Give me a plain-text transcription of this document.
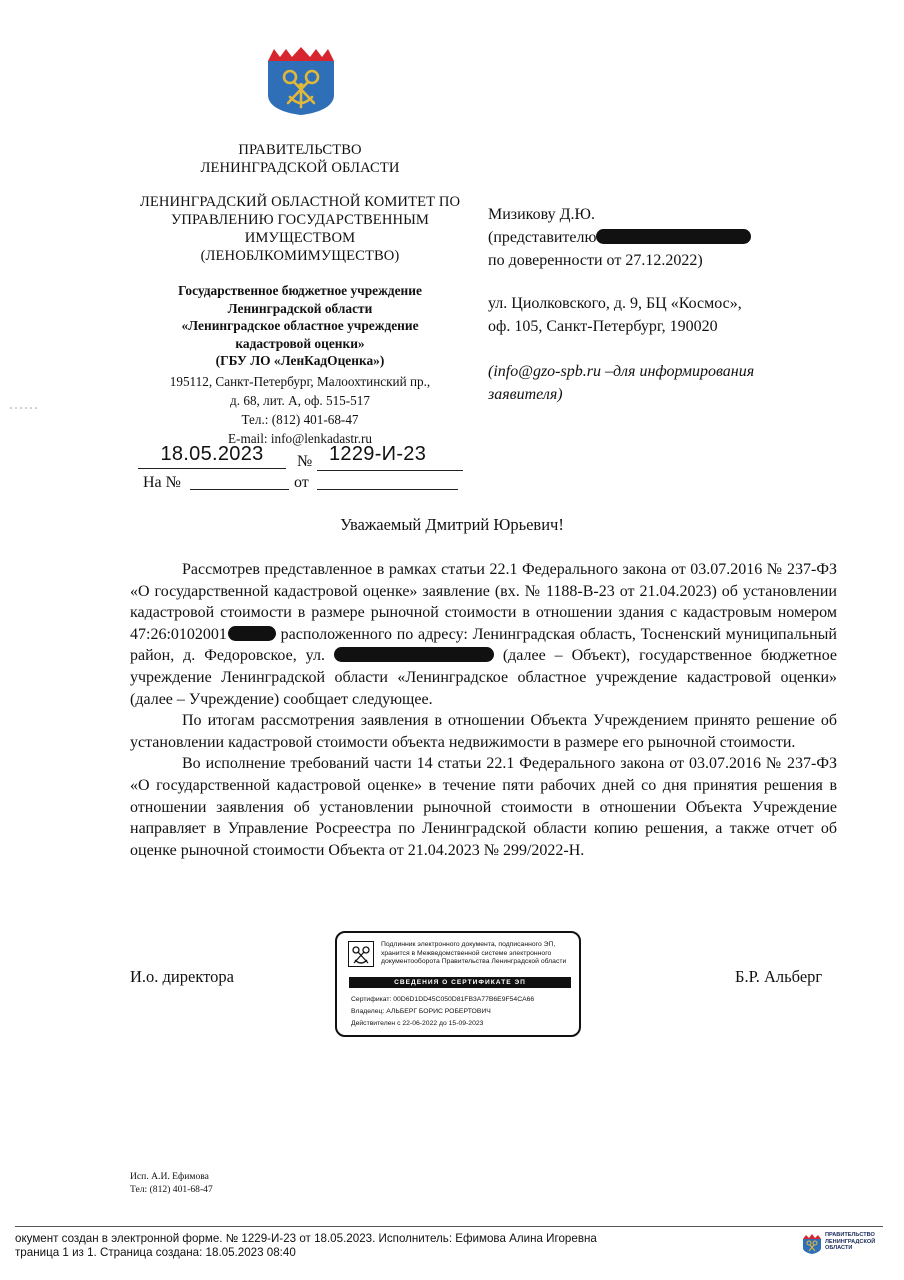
ПРАВИТЕЛЬСТВО
ЛЕНИНГРАДСКОЙ ОБЛАСТИ
ЛЕНИНГРАДСКИЙ ОБЛАСТНОЙ КОМИТЕТ ПО
УПРАВЛЕНИЮ ГОСУДАРСТВЕННЫМ
ИМУЩЕСТВОМ
(ЛЕНОБЛКОМИМУЩЕСТВО)
Государственное бюджетное учреждение
Ленинградской области
«Ленинградское областное учреждение
кадастровой оценки»
(ГБУ ЛО «ЛенКадОценка»)
195112, Санкт-Петербург, Малоохтинский пр.,
д. 68, лит. А, оф. 515-517
Тел.: (812) 401-68-47
E-mail: info@lenkadastr.ru
18.05.2023	№ 1229-И-23
На №	от
Мизикову Д.Ю.
(представителю
по доверенности от 27.12.2022)
ул. Циолковского, д. 9, БЦ «Космос»,
оф. 105, Санкт-Петербург, 190020
(info@gzo-spb.ru –для информирования
заявителя)
Уважаемый Дмитрий Юрьевич!

Рассмотрев представленное в рамках статьи 22.1 Федерального закона от 03.07.2016 № 237-ФЗ «О государственной кадастровой оценке» заявление (вх. № 1188-В-23 от 21.04.2023) об установлении кадастровой стоимости в размере рыночной стоимости в отношении здания с кадастровым номером 47:26:0102001	расположенного по адресу: Ленинградская область, Тосненский муниципальный район, д. Федоровское, ул.	(далее – Объект), государственное бюджетное учреждение Ленинградской области «Ленинградское областное учреждение кадастровой оценки» (далее – Учреждение) сообщает следующее.

По итогам рассмотрения заявления в отношении Объекта Учреждением принято решение об установлении кадастровой стоимости объекта недвижимости в размере его рыночной стоимости.

Во исполнение требований части 14 статьи 22.1 Федерального закона от 03.07.2016 № 237-ФЗ «О государственной кадастровой оценке» в течение пяти рабочих дней со дня принятия решения в отношении заявления об установлении рыночной стоимости в отношении Объекта Учреждение направляет в Управление Росреестра по Ленинградской области копию решения, а также отчет об оценке рыночной стоимости Объекта от 21.04.2023 № 299/2022-Н.

И.о. директора	Б.Р. Альберг
Подлинник электронного документа, подписанного ЭП,
хранится в Межведомственной системе электронного
документооборота Правительства Ленинградской области
СВЕДЕНИЯ О СЕРТИФИКАТЕ ЭП
Сертификат: 00D6D1DD45C050D81FB3A77B6E9F54CA66
Владелец: АЛЬБЕРГ БОРИС РОБЕРТОВИЧ
Действителен с 22-06-2022 до 15-09-2023
Исп. А.И. Ефимова
Тел: (812) 401-68-47
окумент создан в электронной форме. № 1229-И-23 от 18.05.2023. Исполнитель: Ефимова Алина Игоревна
траница 1 из 1. Страница создана: 18.05.2023 08:40
ПРАВИТЕЛЬСТВО
ЛЕНИНГРАДСКОЙ
ОБЛАСТИ
